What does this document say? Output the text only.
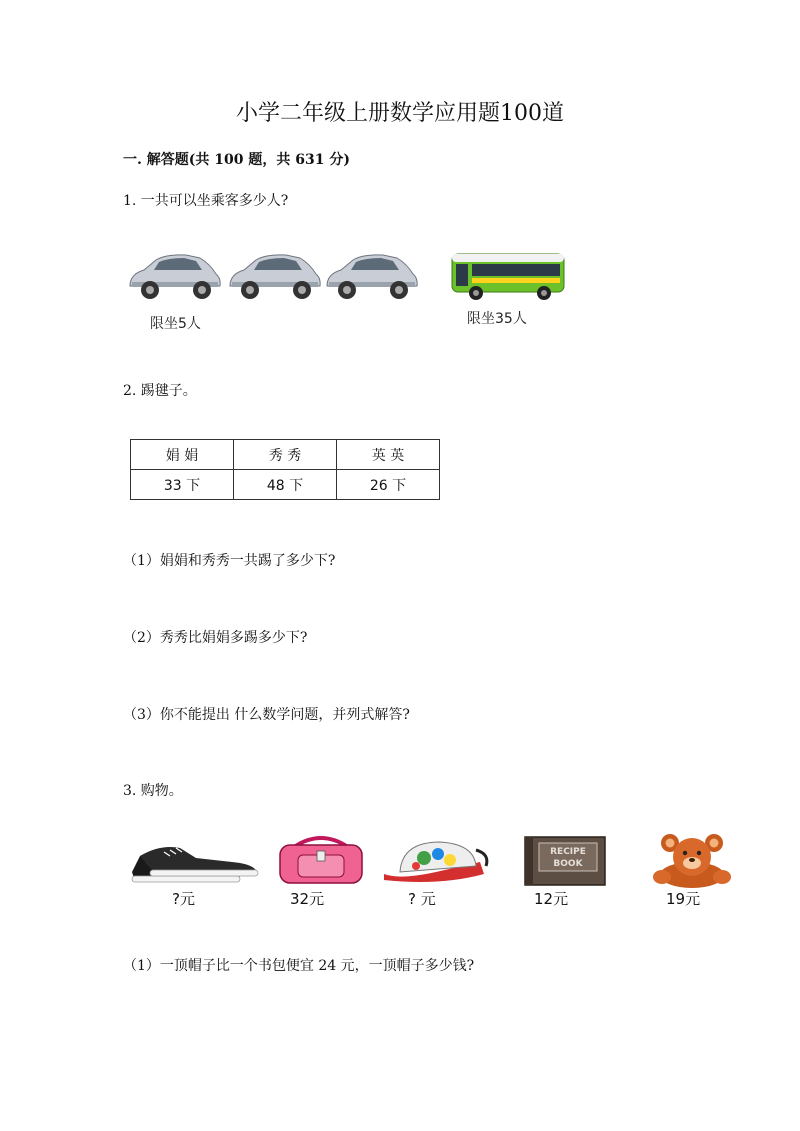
小学二年级上册数学应用题100道
一. 解答题(共 100 题，共 631 分)
1. 一共可以坐乘客多少人?
限坐5人	限坐35人
2. 踢毽子。
娟 娟	秀 秀	英 英
33 下	48 下	26 下
（1）娟娟和秀秀一共踢了多少下?
（2）秀秀比娟娟多踢多少下?
（3）你不能提出 什么数学问题，并列式解答?
3. 购物。
?元	32元	? 元
RECIPE
BOOK
12元	19元
（1）一顶帽子比一个书包便宜 24 元，一顶帽子多少钱?
